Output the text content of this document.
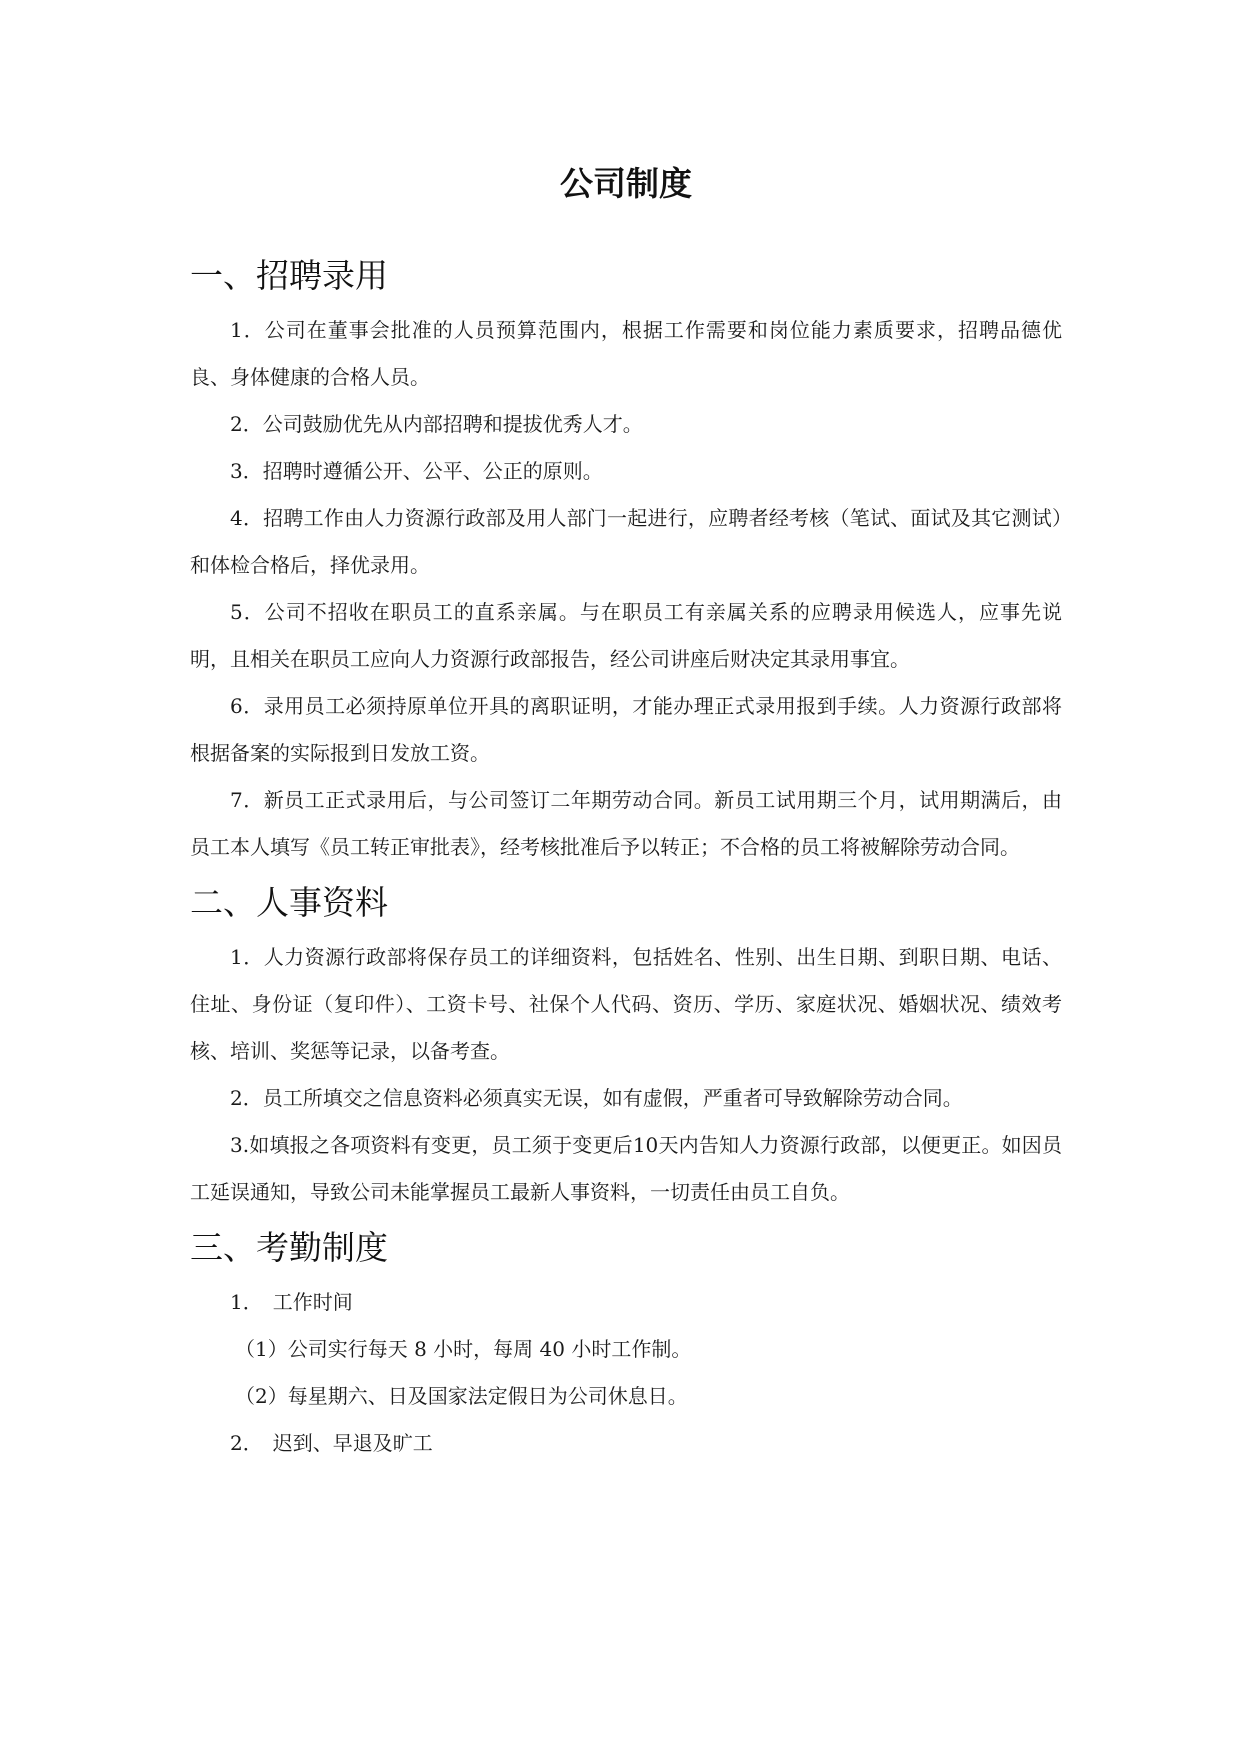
公司制度
一、招聘录用

1．公司在董事会批准的人员预算范围内，根据工作需要和岗位能力素质要求，招聘品德优良、身体健康的合格人员。

2．公司鼓励优先从内部招聘和提拔优秀人才。

3．招聘时遵循公开、公平、公正的原则。

4．招聘工作由人力资源行政部及用人部门一起进行，应聘者经考核（笔试、面试及其它测试）和体检合格后，择优录用。

5．公司不招收在职员工的直系亲属。与在职员工有亲属关系的应聘录用候选人，应事先说明，且相关在职员工应向人力资源行政部报告，经公司讲座后财决定其录用事宜。

6．录用员工必须持原单位开具的离职证明，才能办理正式录用报到手续。人力资源行政部将根据备案的实际报到日发放工资。

7．新员工正式录用后，与公司签订二年期劳动合同。新员工试用期三个月，试用期满后，由员工本人填写《员工转正审批表》，经考核批准后予以转正；不合格的员工将被解除劳动合同。

二、人事资料

1．人力资源行政部将保存员工的详细资料，包括姓名、性别、出生日期、到职日期、电话、住址、身份证（复印件）、工资卡号、社保个人代码、资历、学历、家庭状况、婚姻状况、绩效考核、培训、奖惩等记录，以备考查。

2．员工所填交之信息资料必须真实无误，如有虚假，严重者可导致解除劳动合同。

3.如填报之各项资料有变更，员工须于变更后10天内告知人力资源行政部，以便更正。如因员工延误通知，导致公司未能掌握员工最新人事资料，一切责任由员工自负。

三、考勤制度

1．　工作时间

（1）公司实行每天 8 小时，每周 40 小时工作制。

（2）每星期六、日及国家法定假日为公司休息日。

2．　迟到、早退及旷工
